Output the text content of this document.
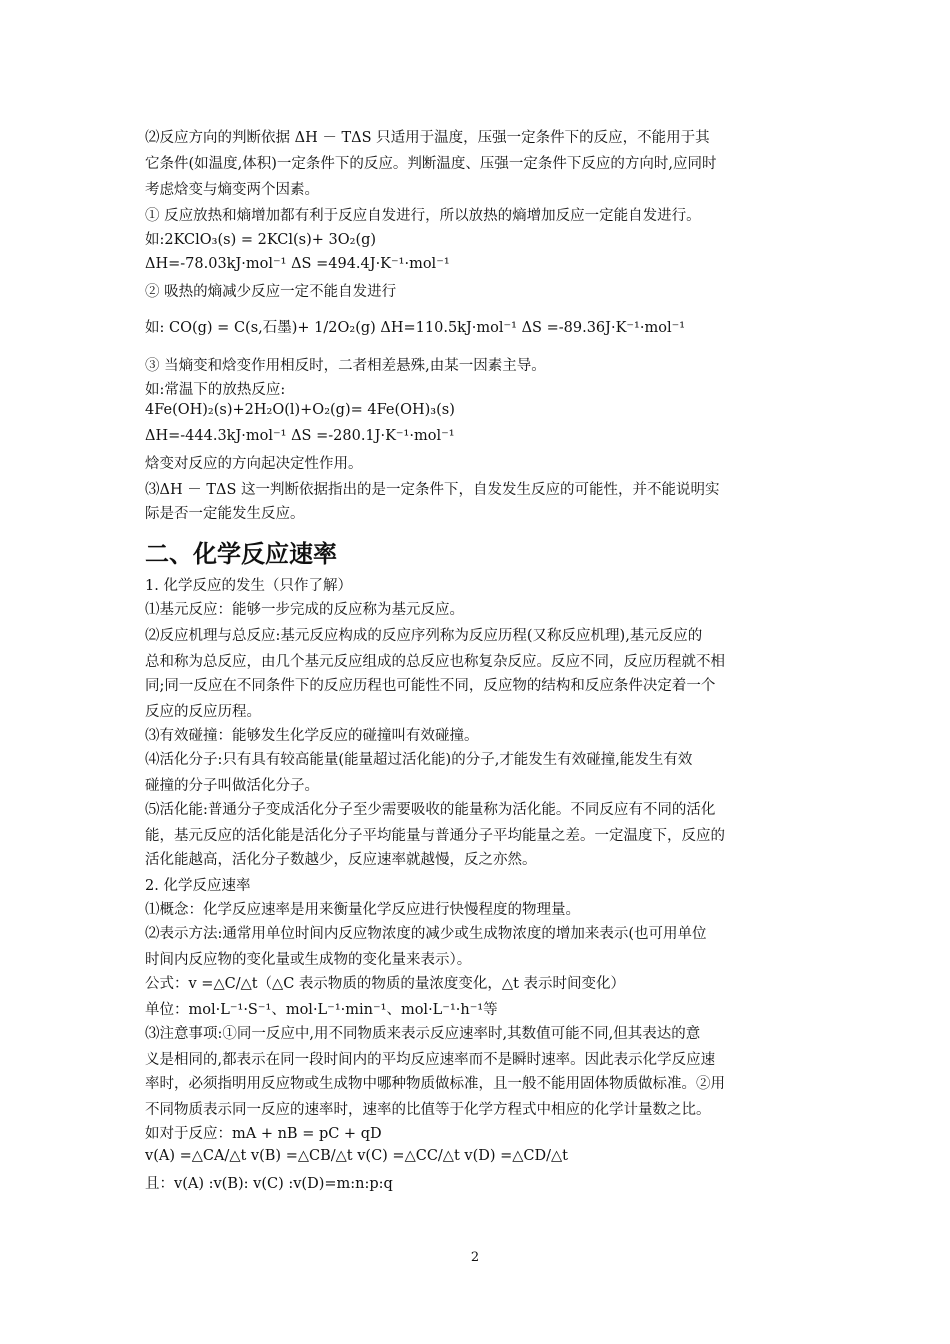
⑵反应方向的判断依据 ΔH － TΔS 只适用于温度，压强一定条件下的反应，不能用于其
它条件(如温度,体积)一定条件下的反应。判断温度、压强一定条件下反应的方向时,应同时
考虑焓变与熵变两个因素。
① 反应放热和熵增加都有利于反应自发进行，所以放热的熵增加反应一定能自发进行。
如:2KClO₃(s) = 2KCl(s)+ 3O₂(g)
ΔH=-78.03kJ·mol⁻¹ ΔS =494.4J·K⁻¹·mol⁻¹
② 吸热的熵减少反应一定不能自发进行
如: CO(g) = C(s,石墨)+ 1/2O₂(g) ΔH=110.5kJ·mol⁻¹ ΔS =-89.36J·K⁻¹·mol⁻¹
③ 当熵变和焓变作用相反时，二者相差悬殊,由某一因素主导。
如:常温下的放热反应:
4Fe(OH)₂(s)+2H₂O(l)+O₂(g)= 4Fe(OH)₃(s)
ΔH=-444.3kJ·mol⁻¹ ΔS =-280.1J·K⁻¹·mol⁻¹
焓变对反应的方向起决定性作用。
⑶ΔH － TΔS 这一判断依据指出的是一定条件下，自发发生反应的可能性，并不能说明实
际是否一定能发生反应。
二、化学反应速率
1. 化学反应的发生（只作了解）
⑴基元反应：能够一步完成的反应称为基元反应。
⑵反应机理与总反应:基元反应构成的反应序列称为反应历程(又称反应机理),基元反应的
总和称为总反应，由几个基元反应组成的总反应也称复杂反应。反应不同，反应历程就不相
同;同一反应在不同条件下的反应历程也可能性不同，反应物的结构和反应条件决定着一个
反应的反应历程。
⑶有效碰撞：能够发生化学反应的碰撞叫有效碰撞。
⑷活化分子:只有具有较高能量(能量超过活化能)的分子,才能发生有效碰撞,能发生有效
碰撞的分子叫做活化分子。
⑸活化能:普通分子变成活化分子至少需要吸收的能量称为活化能。不同反应有不同的活化
能，基元反应的活化能是活化分子平均能量与普通分子平均能量之差。一定温度下，反应的
活化能越高，活化分子数越少，反应速率就越慢，反之亦然。
2. 化学反应速率
⑴概念：化学反应速率是用来衡量化学反应进行快慢程度的物理量。
⑵表示方法:通常用单位时间内反应物浓度的减少或生成物浓度的增加来表示(也可用单位
时间内反应物的变化量或生成物的变化量来表示）。
公式：v =△C/△t（△C 表示物质的物质的量浓度变化，△t 表示时间变化）
单位：mol·L⁻¹·S⁻¹、mol·L⁻¹·min⁻¹、mol·L⁻¹·h⁻¹等
⑶注意事项:①同一反应中,用不同物质来表示反应速率时,其数值可能不同,但其表达的意
义是相同的,都表示在同一段时间内的平均反应速率而不是瞬时速率。因此表示化学反应速
率时，必须指明用反应物或生成物中哪种物质做标准，且一般不能用固体物质做标准。②用
不同物质表示同一反应的速率时，速率的比值等于化学方程式中相应的化学计量数之比。
如对于反应：mA + nB = pC + qD
v(A) =△CA/△t v(B) =△CB/△t v(C) =△CC/△t v(D) =△CD/△t
且：v(A) :v(B): v(C) :v(D)=m:n:p:q
2
